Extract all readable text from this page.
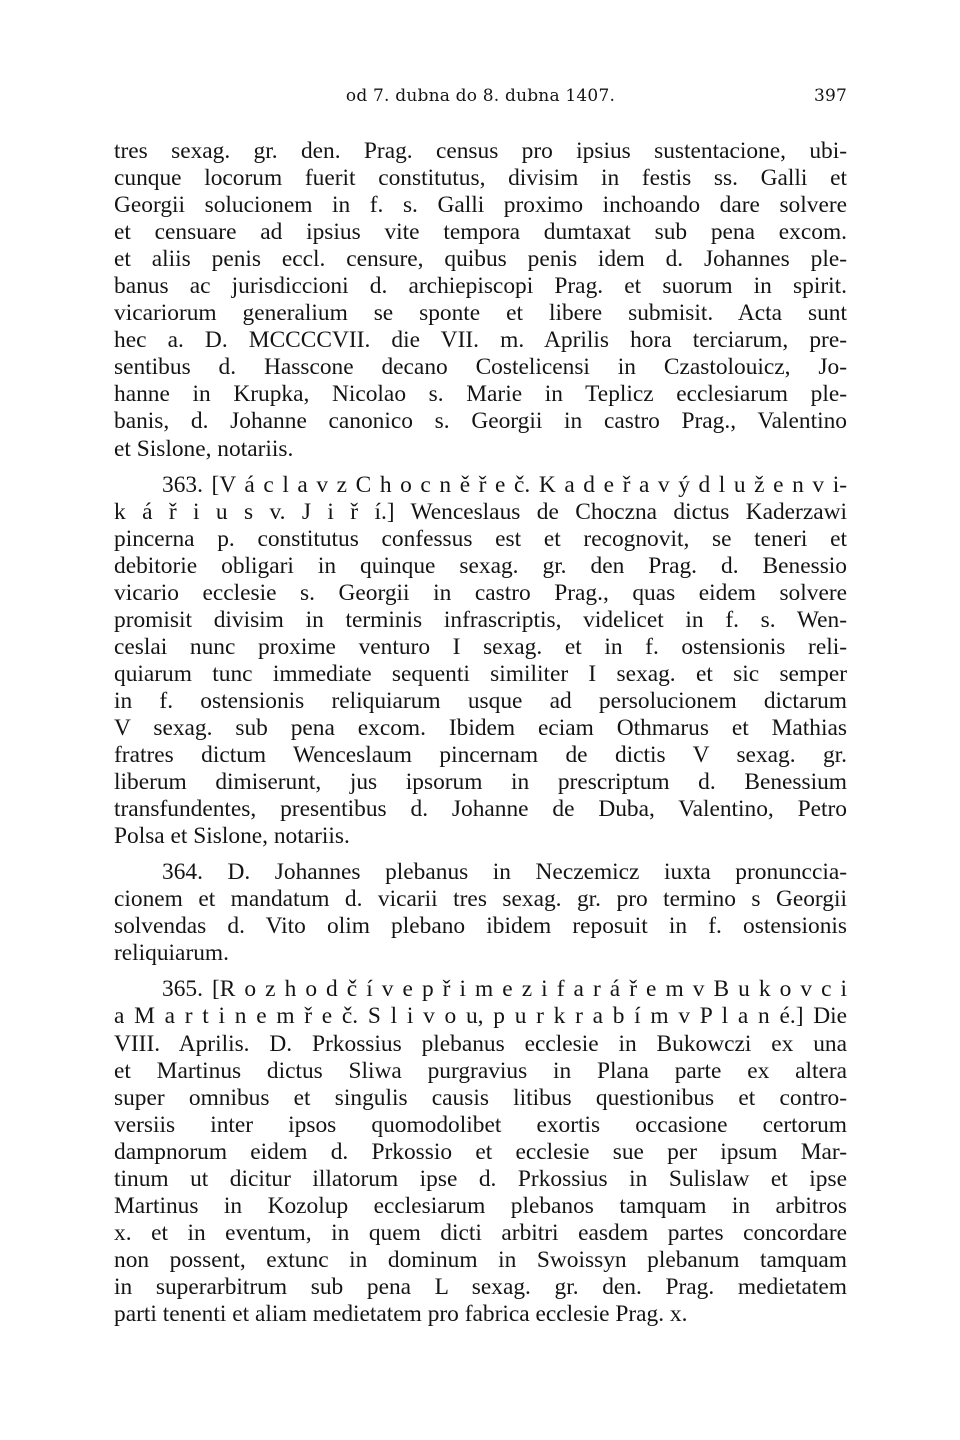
od 7. dubna do 8. dubna 1407.	397
tres sexag. gr. den. Prag. census pro ipsius sustentacione, ubi-
cunque locorum fuerit constitutus, divisim in festis ss. Galli et
Georgii solucionem in f. s. Galli proximo inchoando dare solvere
et censuare ad ipsius vite tempora dumtaxat sub pena excom.
et aliis penis eccl. censure, quibus penis idem d. Johannes ple-
banus ac jurisdiccioni d. archiepiscopi Prag. et suorum in spirit.
vicariorum generalium se sponte et libere submisit. Acta sunt
hec a. D. MCCCCVII. die VII. m. Aprilis hora terciarum, pre-
sentibus d. Hasscone decano Costelicensi in Czastolouicz, Jo-
hanne in Krupka, Nicolao s. Marie in Teplicz ecclesiarum ple-
banis, d. Johanne canonico s. Georgii in castro Prag., Valentino
et Sislone, notariis.
363. [V á c l a v z C h o c n ě ř e č. K a d e ř a v ý d l u ž e n v i-
k á ř i u s v. J i ř í.] Wenceslaus de Choczna dictus Kaderzawi
pincerna p. constitutus confessus est et recognovit, se teneri et
debitorie obligari in quinque sexag. gr. den Prag. d. Benessio
vicario ecclesie s. Georgii in castro Prag., quas eidem solvere
promisit divisim in terminis infrascriptis, videlicet in f. s. Wen-
ceslai nunc proxime venturo I sexag. et in f. ostensionis reli-
quiarum tunc immediate sequenti similiter I sexag. et sic semper
in f. ostensionis reliquiarum usque ad persolucionem dictarum
V sexag. sub pena excom. Ibidem eciam Othmarus et Mathias
fratres dictum Wenceslaum pincernam de dictis V sexag. gr.
liberum dimiserunt, jus ipsorum in prescriptum d. Benessium
transfundentes, presentibus d. Johanne de Duba, Valentino, Petro
Polsa et Sislone, notariis.
364. D. Johannes plebanus in Neczemicz iuxta pronunccia-
cionem et mandatum d. vicarii tres sexag. gr. pro termino s Georgii
solvendas d. Vito olim plebano ibidem reposuit in f. ostensionis
reliquiarum.
365. [R o z h o d č í v e p ř i m e z i f a r á ř e m v B u k o v c i
a M a r t i n e m ř e č. S l i v o u, p u r k r a b í m v P l a n é.] Die
VIII. Aprilis. D. Prkossius plebanus ecclesie in Bukowczi ex una
et Martinus dictus Sliwa purgravius in Plana parte ex altera
super omnibus et singulis causis litibus questionibus et contro-
versiis inter ipsos quomodolibet exortis occasione certorum
dampnorum eidem d. Prkossio et ecclesie sue per ipsum Mar-
tinum ut dicitur illatorum ipse d. Prkossius in Sulislaw et ipse
Martinus in Kozolup ecclesiarum plebanos tamquam in arbitros
x. et in eventum, in quem dicti arbitri easdem partes concordare
non possent, extunc in dominum in Swoissyn plebanum tamquam
in superarbitrum sub pena L sexag. gr. den. Prag. medietatem
parti tenenti et aliam medietatem pro fabrica ecclesie Prag. x.
